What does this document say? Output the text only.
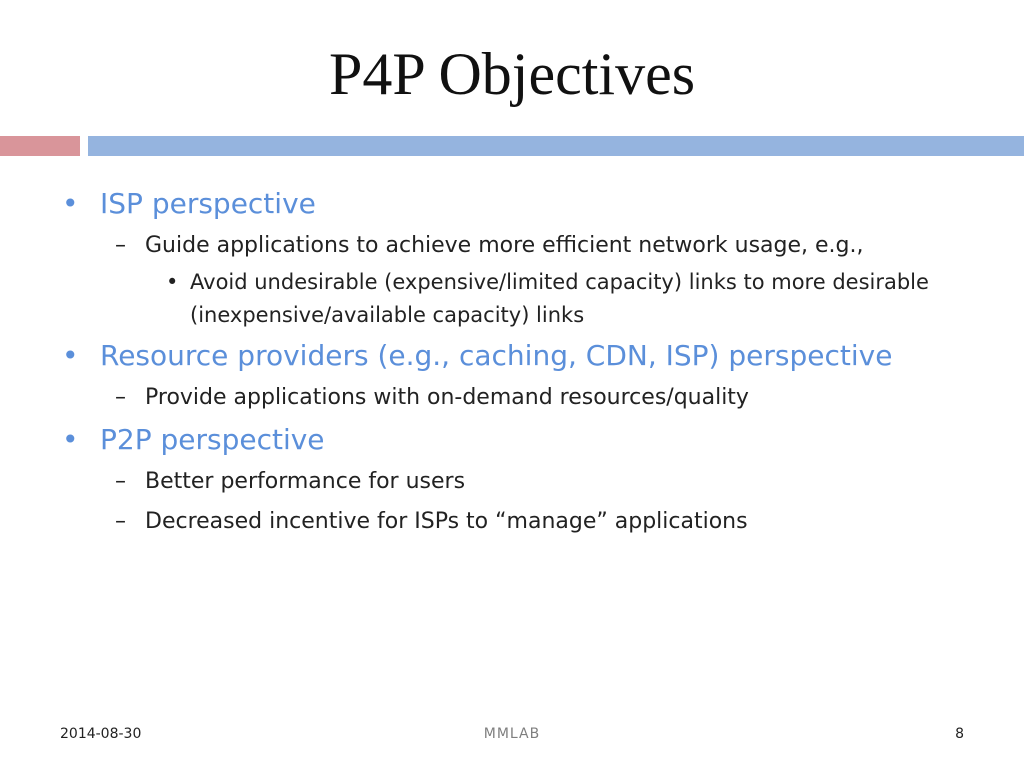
P4P Objectives
• ISP perspective
– Guide applications to achieve more efficient network usage, e.g.,
• Avoid undesirable (expensive/limited capacity) links to more desirable (inexpensive/available capacity) links
• Resource providers (e.g., caching, CDN, ISP) perspective
– Provide applications with on-demand resources/quality
• P2P perspective
– Better performance for users
– Decreased incentive for ISPs to “manage” applications
2014-08-30	MMLAB	8
